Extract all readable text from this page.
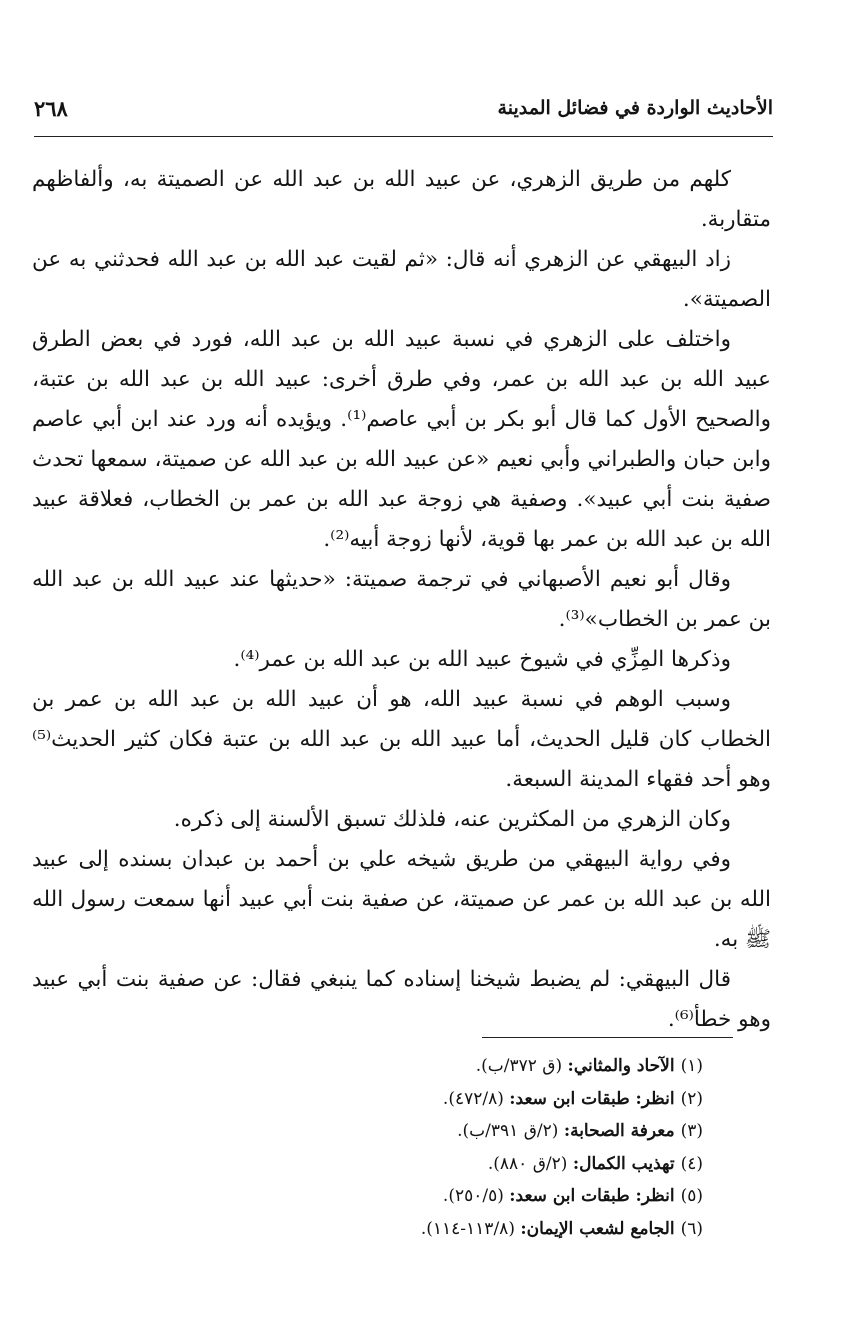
الأحاديث الواردة في فضائل المدينة
٢٦٨

كلهم من طريق الزهري، عن عبيد الله بن عبد الله عن الصميتة به، وألفاظهم متقاربة.

زاد البيهقي عن الزهري أنه قال: «ثم لقيت عبد الله بن عبد الله فحدثني به عن الصميتة».

واختلف على الزهري في نسبة عبيد الله بن عبد الله، فورد في بعض الطرق عبيد الله بن عبد الله بن عمر، وفي طرق أخرى: عبيد الله بن عبد الله بن عتبة، والصحيح الأول كما قال أبو بكر بن أبي عاصم⁽¹⁾. ويؤيده أنه ورد عند ابن أبي عاصم وابن حبان والطبراني وأبي نعيم «عن عبيد الله بن عبد الله عن صميتة، سمعها تحدث صفية بنت أبي عبيد». وصفية هي زوجة عبد الله بن عمر بن الخطاب، فعلاقة عبيد الله بن عبد الله بن عمر بها قوية، لأنها زوجة أبيه⁽²⁾.

وقال أبو نعيم الأصبهاني في ترجمة صميتة: «حديثها عند عبيد الله بن عبد الله بن عمر بن الخطاب»⁽³⁾.

وذكرها المِزِّي في شيوخ عبيد الله بن عبد الله بن عمر⁽⁴⁾.

وسبب الوهم في نسبة عبيد الله، هو أن عبيد الله بن عبد الله بن عمر بن الخطاب كان قليل الحديث، أما عبيد الله بن عبد الله بن عتبة فكان كثير الحديث⁽⁵⁾ وهو أحد فقهاء المدينة السبعة.

وكان الزهري من المكثرين عنه، فلذلك تسبق الألسنة إلى ذكره.

وفي رواية البيهقي من طريق شيخه علي بن أحمد بن عبدان بسنده إلى عبيد الله بن عبد الله بن عمر عن صميتة، عن صفية بنت أبي عبيد أنها سمعت رسول الله ﷺ به.

قال البيهقي: لم يضبط شيخنا إسناده كما ينبغي فقال: عن صفية بنت أبي عبيد وهو خطأ⁽⁶⁾.

(١)الآحاد والمثاني: (ق ٣٧٢/ب).

(٢)انظر: طبقات ابن سعد: (٤٧٢/٨).

(٣)معرفة الصحابة: (٢/ق ٣٩١/ب).

(٤)تهذيب الكمال: (٢/ق ٨٨٠).

(٥)انظر: طبقات ابن سعد: (٢٥٠/٥).

(٦)الجامع لشعب الإيمان: (١١٣/٨-١١٤).
